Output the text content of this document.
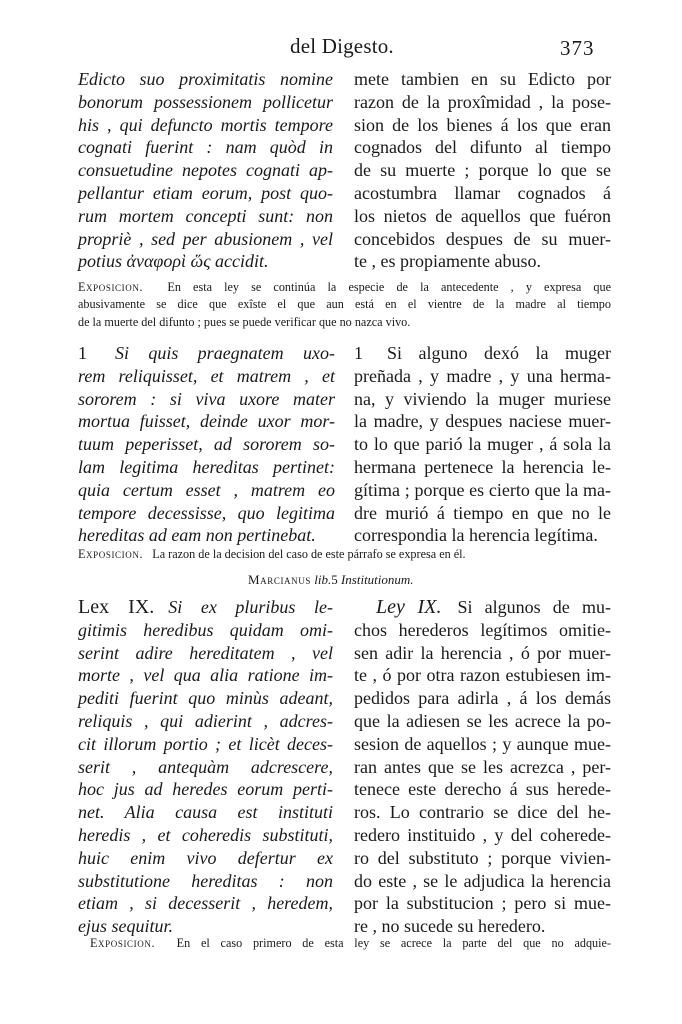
del Digesto.	373
Edicto suo proximitatis nomine
bonorum possessionem pollicetur
his , qui defuncto mortis tempore
cognati fuerint : nam quòd in
consuetudine nepotes cognati ap-
pellantur etiam eorum, post quo-
rum mortem concepti sunt: non
propriè , sed per abusionem , vel
potius ἀναφορὶ ὥς accidit.
mete tambien en su Edicto por
razon de la proxîmidad , la pose-
sion de los bienes á los que eran
cognados del difunto al tiempo
de su muerte ; porque lo que se
acostumbra llamar cognados á
los nietos de aquellos que fuéron
concebidos despues de su muer-
te , es propiamente abuso.
Exposicion. En esta ley se continúa la especie de la antecedente , y expresa que
abusivamente se dice que exîste el que aun está en el vientre de la madre al tiempo
de la muerte del difunto ; pues se puede verificar que no nazca vivo.
1 Si quis praegnatem uxo-
rem reliquisset, et matrem , et
sororem : si viva uxore mater
mortua fuisset, deinde uxor mor-
tuum peperisset, ad sororem so-
lam legitima hereditas pertinet:
quia certum esset , matrem eo
tempore decessisse, quo legitima
hereditas ad eam non pertinebat.
1 Si alguno dexó la muger
preñada , y madre , y una herma-
na, y viviendo la muger muriese
la madre, y despues naciese muer-
to lo que parió la muger , á sola la
hermana pertenece la herencia le-
gítima ; porque es cierto que la ma-
dre murió á tiempo en que no le
correspondia la herencia legítima.
Exposicion. La razon de la decision del caso de este párrafo se expresa en él.
Marcianus lib.5 Institutionum.
Lex IX. Si ex pluribus le-
gitimis heredibus quidam omi-
serint adire hereditatem , vel
morte , vel qua alia ratione im-
pediti fuerint quo minùs adeant,
reliquis , qui adierint , adcres-
cit illorum portio ; et licèt deces-
serit , antequàm adcrescere,
hoc jus ad heredes eorum perti-
net. Alia causa est instituti
heredis , et coheredis substituti,
huic enim vivo defertur ex
substitutione hereditas : non
etiam , si decesserit , heredem,
ejus sequitur.
Ley IX. Si algunos de mu-
chos herederos legítimos omitie-
sen adir la herencia , ó por muer-
te , ó por otra razon estubiesen im-
pedidos para adirla , á los demás
que la adiesen se les acrece la po-
sesion de aquellos ; y aunque mue-
ran antes que se les acrezca , per-
tenece este derecho á sus herede-
ros. Lo contrario se dice del he-
redero instituido , y del coherede-
ro del substituto ; porque vivien-
do este , se le adjudica la herencia
por la substitucion ; pero si mue-
re , no sucede su heredero.
Exposicion. En el caso primero de esta ley se acrece la parte del que no adquie-
